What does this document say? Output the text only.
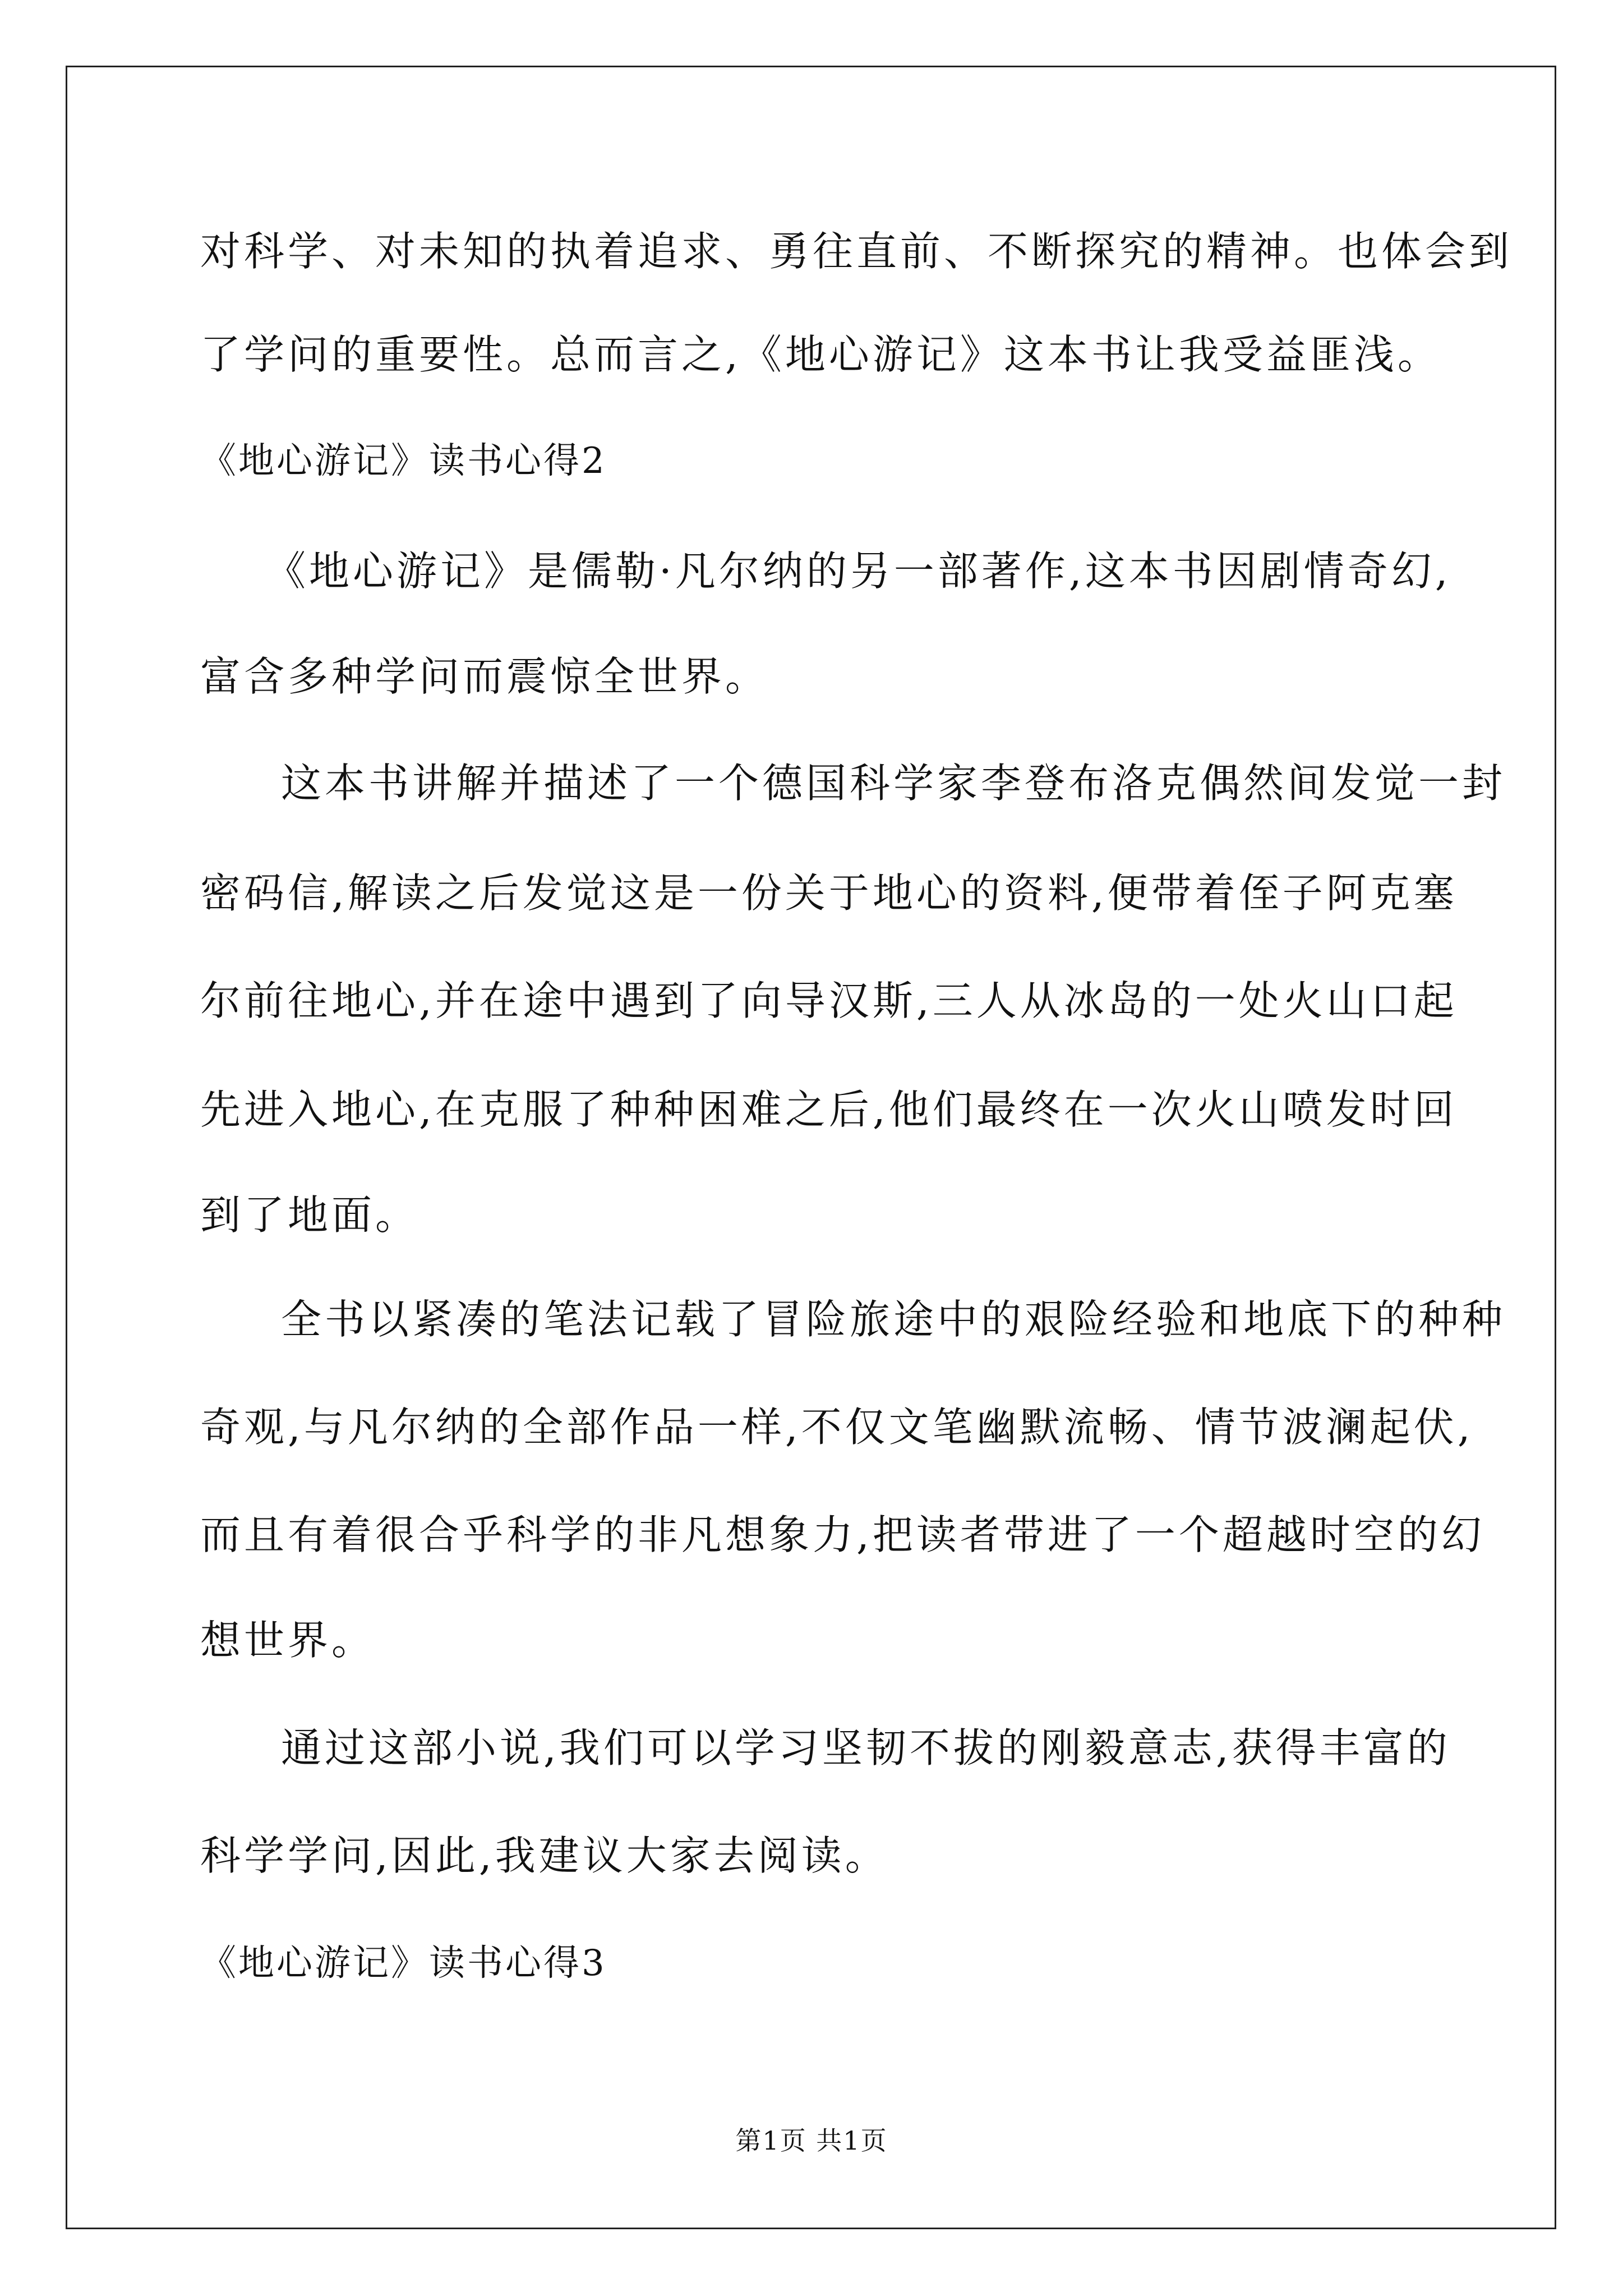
对科学、对未知的执着追求、勇往直前、不断探究的精神。也体会到
了学问的重要性。总而言之,《地心游记》这本书让我受益匪浅。
《地心游记》读书心得2
《地心游记》是儒勒·凡尔纳的另一部著作,这本书因剧情奇幻,
富含多种学问而震惊全世界。
这本书讲解并描述了一个德国科学家李登布洛克偶然间发觉一封
密码信,解读之后发觉这是一份关于地心的资料,便带着侄子阿克塞
尔前往地心,并在途中遇到了向导汉斯,三人从冰岛的一处火山口起
先进入地心,在克服了种种困难之后,他们最终在一次火山喷发时回
到了地面。
全书以紧凑的笔法记载了冒险旅途中的艰险经验和地底下的种种
奇观,与凡尔纳的全部作品一样,不仅文笔幽默流畅、情节波澜起伏,
而且有着很合乎科学的非凡想象力,把读者带进了一个超越时空的幻
想世界。
通过这部小说,我们可以学习坚韧不拔的刚毅意志,获得丰富的
科学学问,因此,我建议大家去阅读。
《地心游记》读书心得3
第1页 共1页
